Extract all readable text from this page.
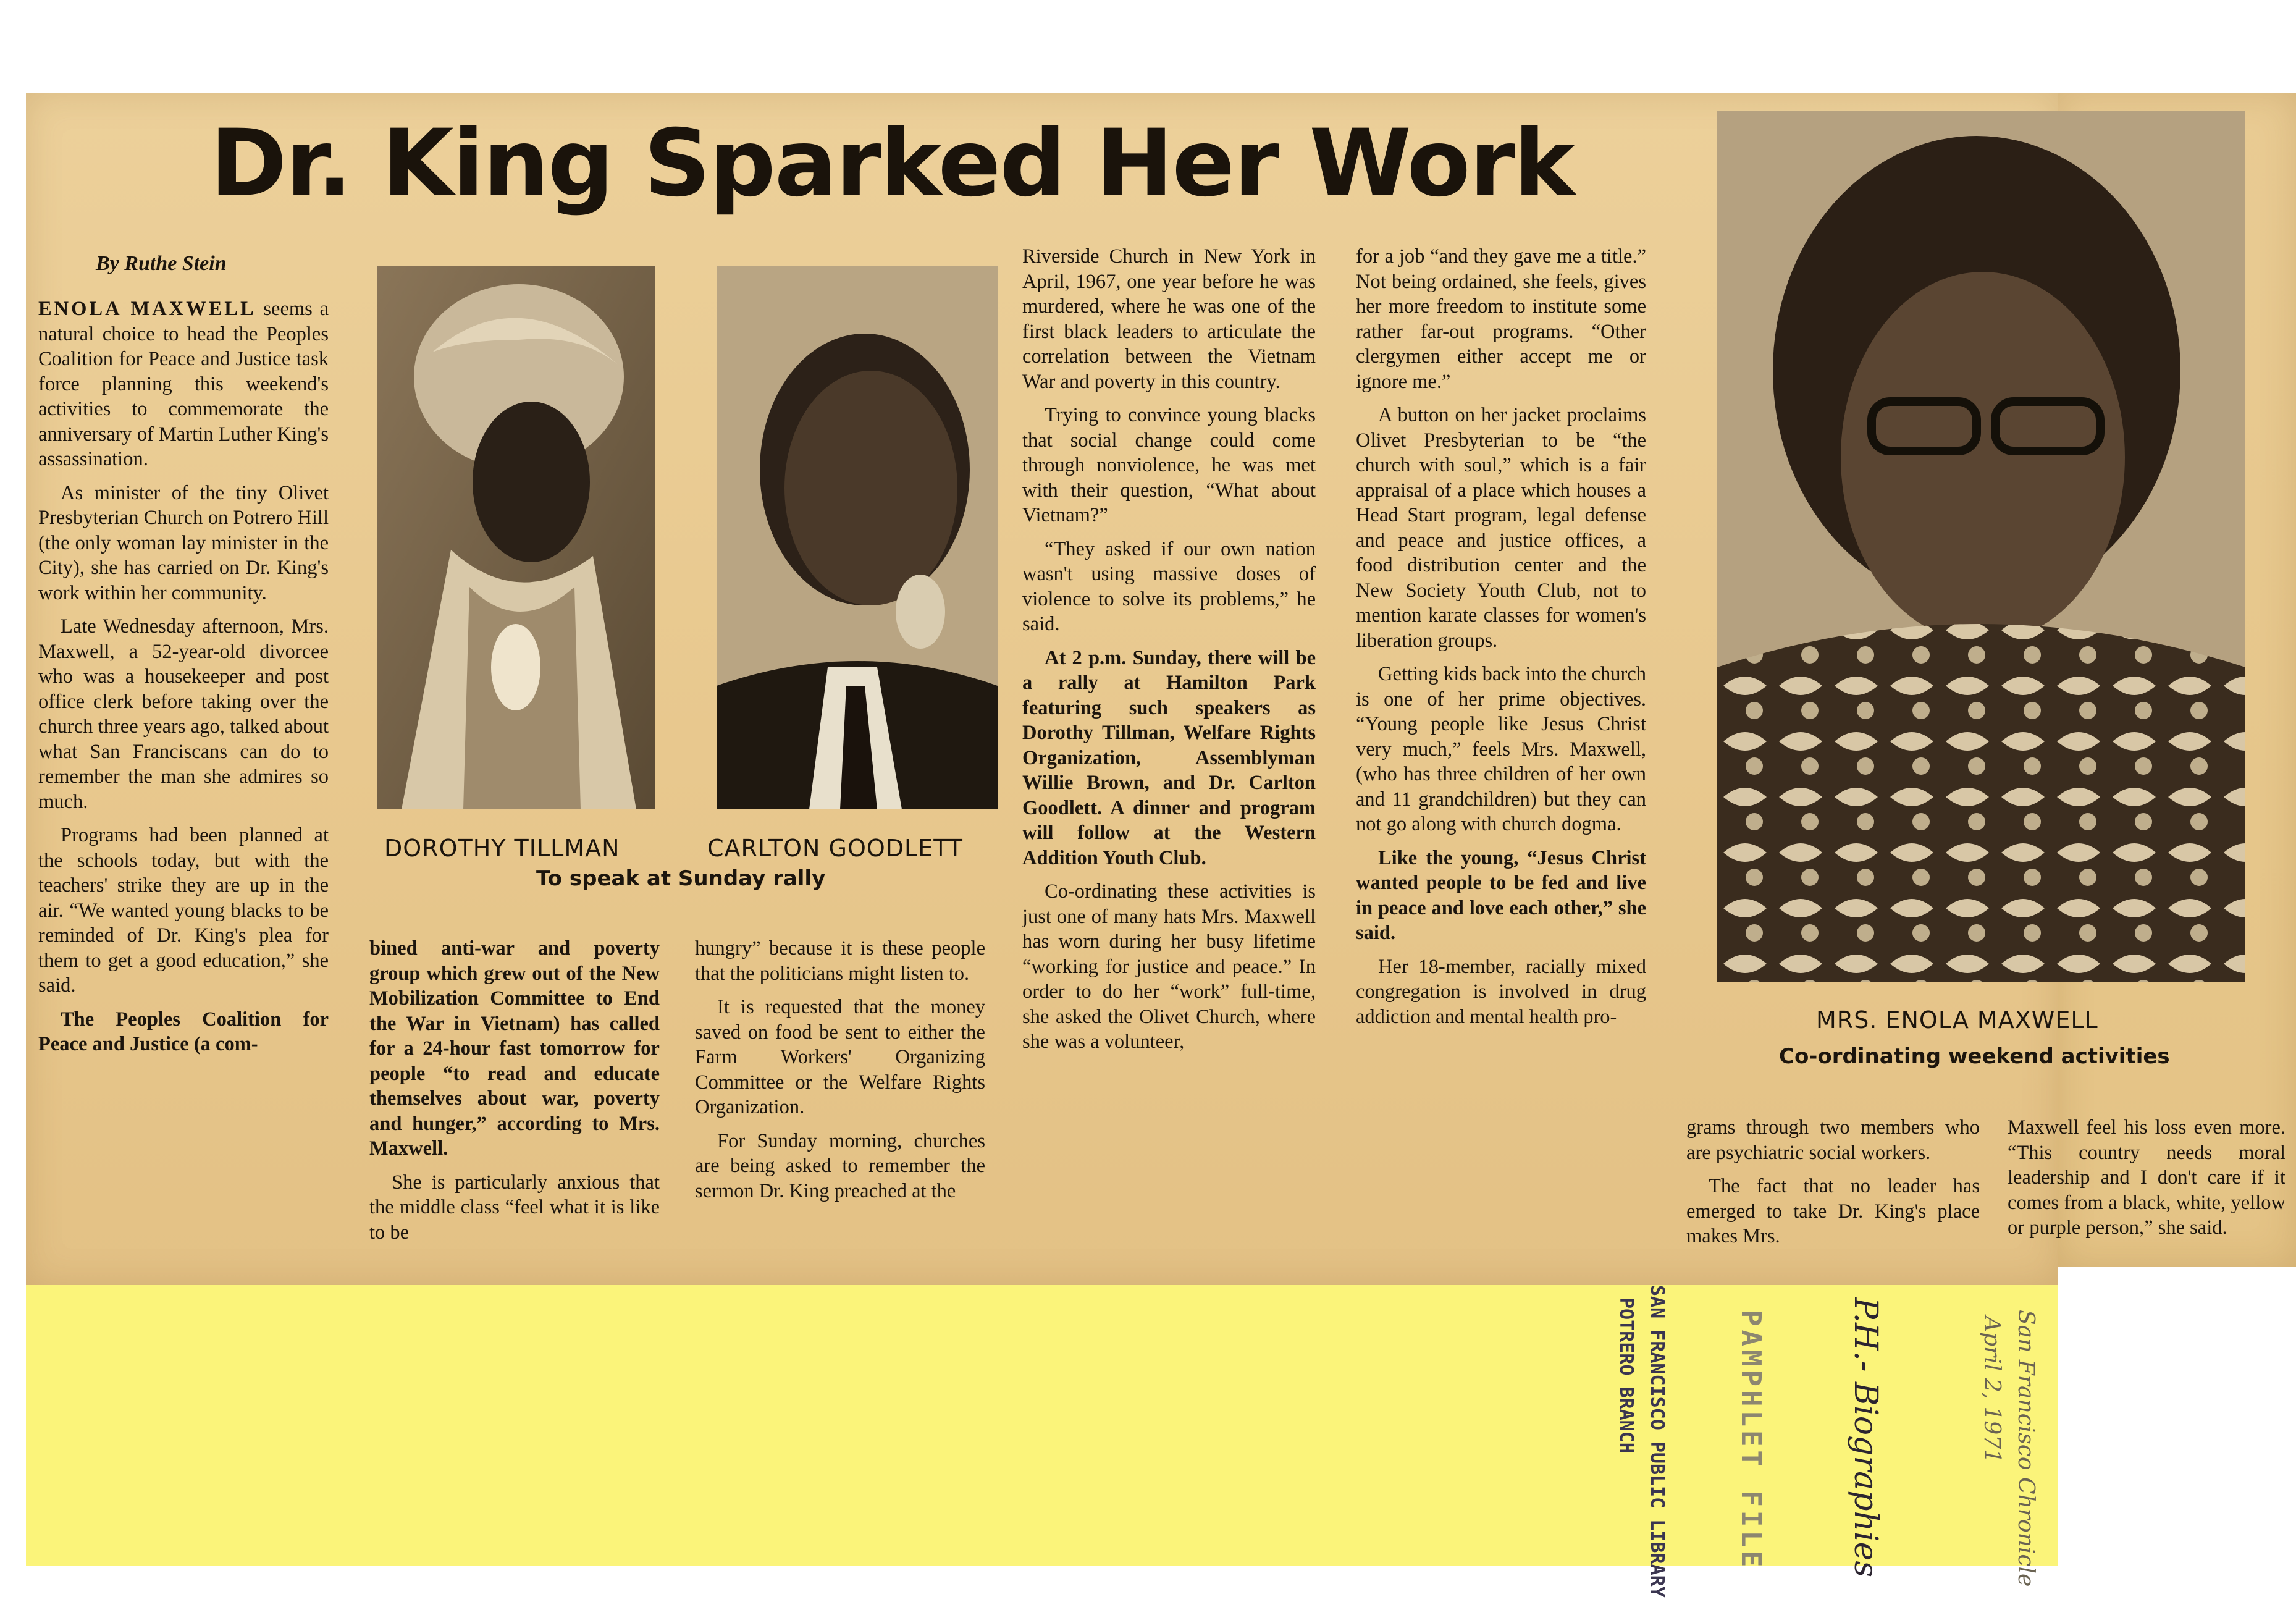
Dr. King Sparked Her Work
By Ruthe Stein

ENOLA MAXWELL seems a natural choice to head the Peoples Coalition for Peace and Justice task force planning this weekend's activities to commemorate the anniversary of Martin Luther King's assassination.

As minister of the tiny Olivet Presbyterian Church on Potrero Hill (the only woman lay minister in the City), she has carried on Dr. King's work within her community.

Late Wednesday afternoon, Mrs. Maxwell, a 52-year-old divorcee who was a housekeeper and post office clerk before taking over the church three years ago, talked about what San Franciscans can do to remember the man she admires so much.

Programs had been planned at the schools today, but with the teachers' strike they are up in the air. “We wanted young blacks to be reminded of Dr. King's plea for them to get a good education,” she said.

The Peoples Coalition for Peace and Justice (a com-

DOROTHY TILLMAN	CARLTON GOODLETT
To speak at Sunday rally

bined anti-war and poverty group which grew out of the New Mobilization Committee to End the War in Vietnam) has called for a 24-hour fast tomorrow for people “to read and educate themselves about war, poverty and hunger,” according to Mrs. Maxwell.

She is particularly anxious that the middle class “feel what it is like to be

hungry” because it is these people that the politicians might listen to.

It is requested that the money saved on food be sent to either the Farm Workers' Organizing Committee or the Welfare Rights Organization.

For Sunday morning, churches are being asked to remember the sermon Dr. King preached at the

Riverside Church in New York in April, 1967, one year before he was murdered, where he was one of the first black leaders to articulate the correlation between the Vietnam War and poverty in this country.

Trying to convince young blacks that social change could come through nonviolence, he was met with their question, “What about Vietnam?”

“They asked if our own nation wasn't using massive doses of violence to solve its problems,” he said.

At 2 p.m. Sunday, there will be a rally at Hamilton Park featuring such speakers as Dorothy Tillman, Welfare Rights Organization, Assemblyman Willie Brown, and Dr. Carlton Goodlett. A dinner and program will follow at the Western Addition Youth Club.

Co-ordinating these activities is just one of many hats Mrs. Maxwell has worn during her busy lifetime “working for justice and peace.” In order to do her “work” full-time, she asked the Olivet Church, where she was a volunteer,

for a job “and they gave me a title.” Not being ordained, she feels, gives her more freedom to institute some rather far-out programs. “Other clergymen either accept me or ignore me.”

A button on her jacket proclaims Olivet Presbyterian to be “the church with soul,” which is a fair appraisal of a place which houses a Head Start program, legal defense and peace and justice offices, a food distribution center and the New Society Youth Club, not to mention karate classes for women's liberation groups.

Getting kids back into the church is one of her prime objectives. “Young people like Jesus Christ very much,” feels Mrs. Maxwell, (who has three children of her own and 11 grandchildren) but they can not go along with church dogma.

Like the young, “Jesus Christ wanted people to be fed and live in peace and love each other,” she said.

Her 18-member, racially mixed congregation is involved in drug addiction and mental health pro-	MRS. ENOLA MAXWELL
Co-ordinating weekend activities

grams through two members who are psychiatric social workers.

The fact that no leader has emerged to take Dr. King's place makes Mrs.

Maxwell feel his loss even more. “This country needs moral leadership and I don't care if it comes from a black, white, yellow or purple person,” she said.

SAN FRANCISCO PUBLIC LIBRARY
POTRERO BRANCH	PAMPHLET FILE	P.H.- Biographies	San Francisco Chronicle
April 2, 1971
